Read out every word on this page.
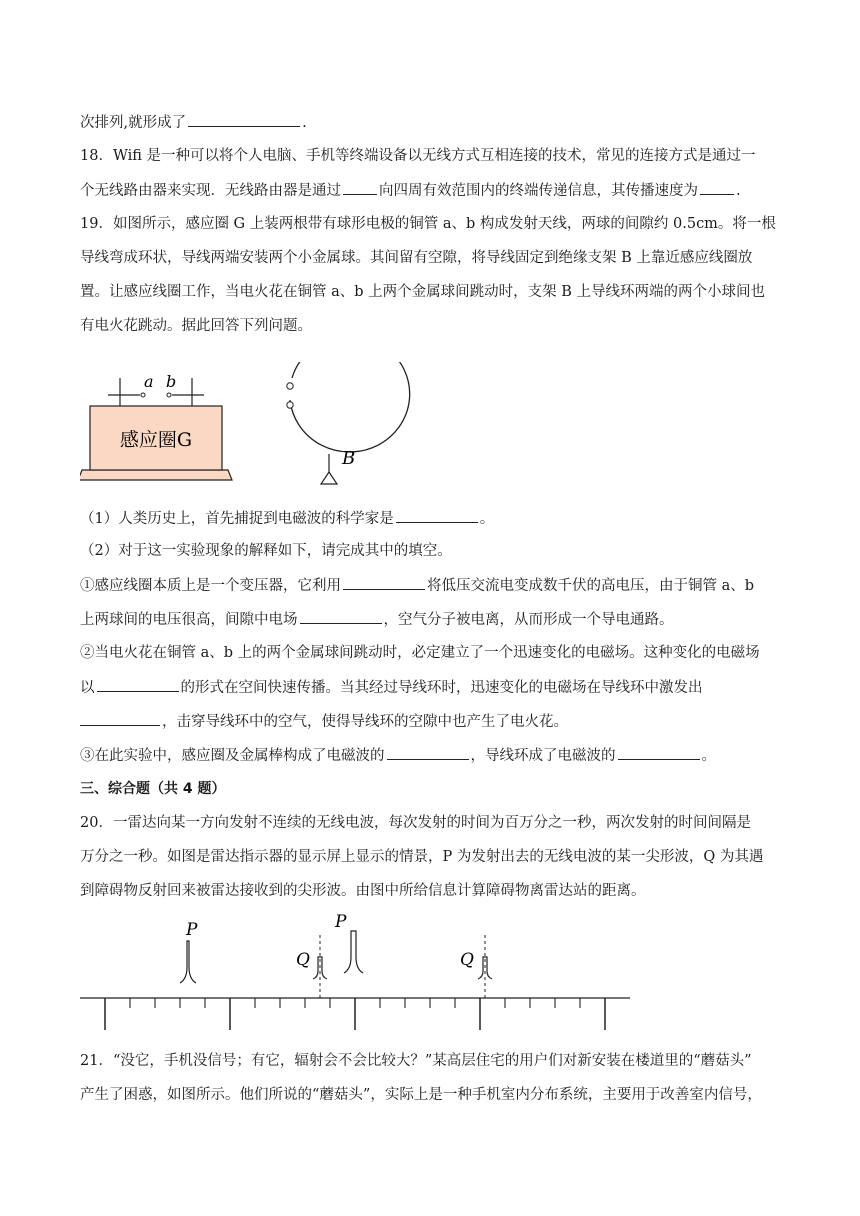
次排列,就形成了	.
18．Wifi 是一种可以将个人电脑、手机等终端设备以无线方式互相连接的技术，常见的连接方式是通过一
个无线路由器来实现．无线路由器是通过	向四周有效范围内的终端传递信息，其传播速度为	.
19．如图所示，感应圈 G 上装两根带有球形电极的铜管 a、b 构成发射天线，两球的间隙约 0.5cm。将一根
导线弯成环状，导线两端安装两个小金属球。其间留有空隙，将导线固定到绝缘支架 B 上靠近感应线圈放
置。让感应线圈工作，当电火花在铜管 a、b 上两个金属球间跳动时，支架 B 上导线环两端的两个小球间也
有电火花跳动。据此回答下列问题。
感应圈G
a b
B
（1）人类历史上，首先捕捉到电磁波的科学家是	。
（2）对于这一实验现象的解释如下，请完成其中的填空。
①感应线圈本质上是一个变压器，它利用	将低压交流电变成数千伏的高电压，由于铜管 a、b
上两球间的电压很高，间隙中电场	，空气分子被电离，从而形成一个导电通路。
②当电火花在铜管 a、b 上的两个金属球间跳动时，必定建立了一个迅速变化的电磁场。这种变化的电磁场
以	的形式在空间快速传播。当其经过导线环时，迅速变化的电磁场在导线环中激发出
，击穿导线环中的空气，使得导线环的空隙中也产生了电火花。
③在此实验中，感应圈及金属棒构成了电磁波的	，导线环成了电磁波的	。
三、综合题（共 4 题）
20．一雷达向某一方向发射不连续的无线电波，每次发射的时间为百万分之一秒，两次发射的时间间隔是
万分之一秒。如图是雷达指示器的显示屏上显示的情景，P 为发射出去的无线电波的某一尖形波，Q 为其遇
到障碍物反射回来被雷达接收到的尖形波。由图中所给信息计算障碍物离雷达站的距离。
P
Q
P
Q
21．“没它，手机没信号；有它，辐射会不会比较大？”某高层住宅的用户们对新安装在楼道里的“蘑菇头”
产生了困惑，如图所示。他们所说的“蘑菇头”，实际上是一种手机室内分布系统，主要用于改善室内信号，
